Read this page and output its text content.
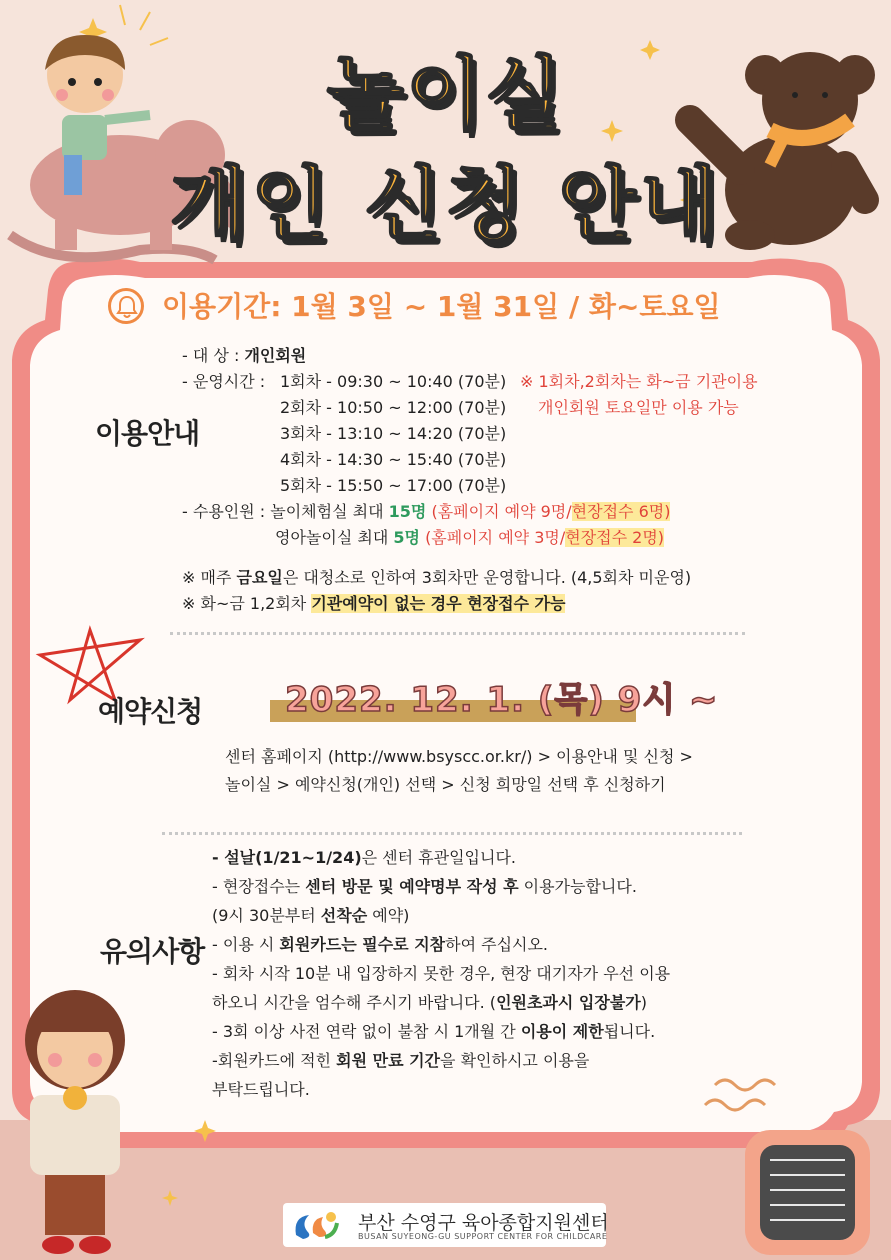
놀이실
개인 신청 안내
이용기간: 1월 3일 ~ 1월 31일 / 화~토요일
이용안내
- 대 상 : 개인회원
- 운영시간 : 1회차 - 09:30 ~ 10:40 (70분) ※ 1회차,2회차는 화~금 기관이용
2회차 - 10:50 ~ 12:00 (70분) 개인회원 토요일만 이용 가능
3회차 - 13:10 ~ 14:20 (70분)
4회차 - 14:30 ~ 15:40 (70분)
5회차 - 15:50 ~ 17:00 (70분)
- 수용인원 : 놀이체험실 최대 15명 (홈페이지 예약 9명/현장접수 6명)
영아놀이실 최대 5명 (홈페이지 예약 3명/현장접수 2명)
※ 매주 금요일은 대청소로 인하여 3회차만 운영합니다. (4,5회차 미운영)
※ 화~금 1,2회차 기관예약이 없는 경우 현장접수 가능
예약신청 2022. 12. 1. (목) 9시 ~
센터 홈페이지 (http://www.bsyscc.or.kr/) > 이용안내 및 신청 >
놀이실 > 예약신청(개인) 선택 > 신청 희망일 선택 후 신청하기
유의사항
- 설날(1/21~1/24)은 센터 휴관일입니다.
- 현장접수는 센터 방문 및 예약명부 작성 후 이용가능합니다.
(9시 30분부터 선착순 예약)
- 이용 시 회원카드는 필수로 지참하여 주십시오.
- 회차 시작 10분 내 입장하지 못한 경우, 현장 대기자가 우선 이용
하오니 시간을 엄수해 주시기 바랍니다. (인원초과시 입장불가)
- 3회 이상 사전 연락 없이 불참 시 1개월 간 이용이 제한됩니다.
-회원카드에 적힌 회원 만료 기간을 확인하시고 이용을
부탁드립니다.
부산 수영구 육아종합지원센터
BUSAN SUYEONG-GU SUPPORT CENTER FOR CHILDCARE
